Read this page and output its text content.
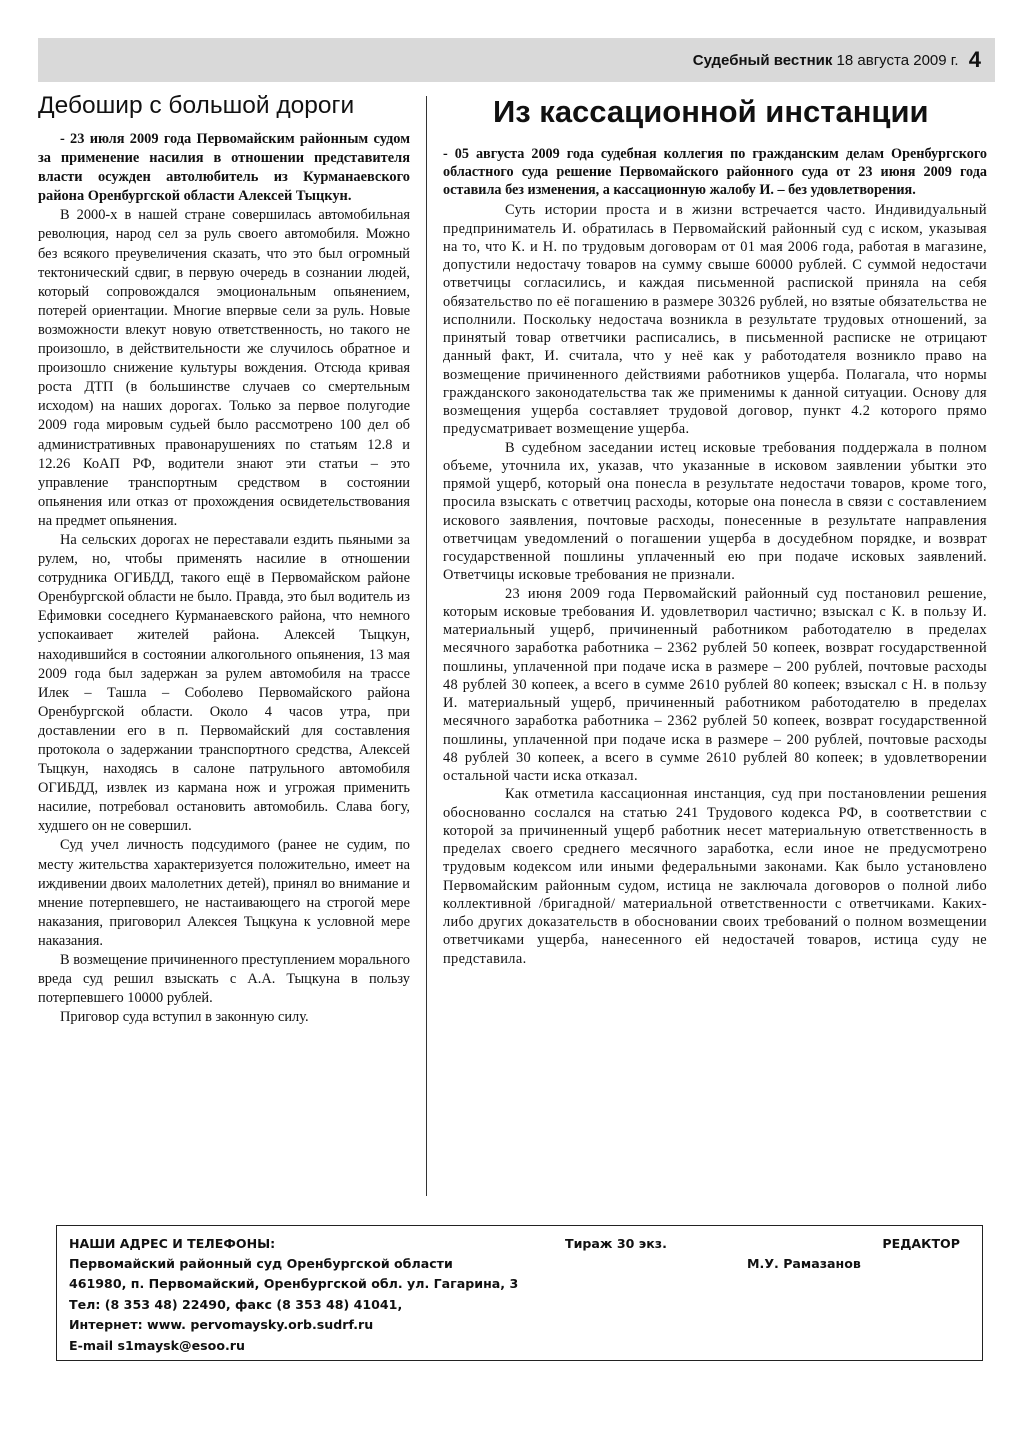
Судебный вестник 18 августа 2009 г. 4
Дебошир с большой дороги

- 23 июля 2009 года Первомайским районным судом за применение насилия в отношении представителя власти осужден автолюбитель из Курманаевского района Оренбургской области Алексей Тыцкун.

В 2000-х в нашей стране совершилась автомобильная революция, народ сел за руль своего автомобиля. Можно без всякого преувеличения сказать, что это был огромный тектонический сдвиг, в первую очередь в сознании людей, который сопровождался эмоциональным опьянением, потерей ориентации. Многие впервые сели за руль. Новые возможности влекут новую ответственность, но такого не произошло, в действительности же случилось обратное и произошло снижение культуры вождения. Отсюда кривая роста ДТП (в большинстве случаев со смертельным исходом) на наших дорогах. Только за первое полугодие 2009 года мировым судьей было рассмотрено 100 дел об административных правонарушениях по статьям 12.8 и 12.26 КоАП РФ, водители знают эти статьи – это управление транспортным средством в состоянии опьянения или отказ от прохождения освидетельствования на предмет опьянения.

На сельских дорогах не переставали ездить пьяными за рулем, но, чтобы применять насилие в отношении сотрудника ОГИБДД, такого ещё в Первомайском районе Оренбургской области не было. Правда, это был водитель из Ефимовки соседнего Курманаевского района, что немного успокаивает жителей района. Алексей Тыцкун, находившийся в состоянии алкогольного опьянения, 13 мая 2009 года был задержан за рулем автомобиля на трассе Илек – Ташла – Соболево Первомайского района Оренбургской области. Около 4 часов утра, при доставлении его в п. Первомайский для составления протокола о задержании транспортного средства, Алексей Тыцкун, находясь в салоне патрульного автомобиля ОГИБДД, извлек из кармана нож и угрожая применить насилие, потребовал остановить автомобиль. Слава богу, худшего он не совершил.

Суд учел личность подсудимого (ранее не судим, по месту жительства характеризуется положительно, имеет на иждивении двоих малолетних детей), принял во внимание и мнение потерпевшего, не настаивающего на строгой мере наказания, приговорил Алексея Тыцкуна к условной мере наказания.

В возмещение причиненного преступлением морального вреда суд решил взыскать с А.А. Тыцкуна в пользу потерпевшего 10000 рублей.

Приговор суда вступил в законную силу.

Из кассационной инстанции

- 05 августа 2009 года судебная коллегия по гражданским делам Оренбургского областного суда решение Первомайского районного суда от 23 июня 2009 года оставила без изменения, а кассационную жалобу И. – без удовлетворения.

Суть истории проста и в жизни встречается часто. Индивидуальный предприниматель И. обратилась в Первомайский районный суд с иском, указывая на то, что К. и Н. по трудовым договорам от 01 мая 2006 года, работая в магазине, допустили недостачу товаров на сумму свыше 60000 рублей. С суммой недостачи ответчицы согласились, и каждая письменной распиской приняла на себя обязательство по её погашению в размере 30326 рублей, но взятые обязательства не исполнили. Поскольку недостача возникла в результате трудовых отношений, за принятый товар ответчики расписались, в письменной расписке не отрицают данный факт, И. считала, что у неё как у работодателя возникло право на возмещение причиненного действиями работников ущерба. Полагала, что нормы гражданского законодательства так же применимы к данной ситуации. Основу для возмещения ущерба составляет трудовой договор, пункт 4.2 которого прямо предусматривает возмещение ущерба.

В судебном заседании истец исковые требования поддержала в полном объеме, уточнила их, указав, что указанные в исковом заявлении убытки это прямой ущерб, который она понесла в результате недостачи товаров, кроме того, просила взыскать с ответчиц расходы, которые она понесла в связи с составлением искового заявления, почтовые расходы, понесенные в результате направления ответчицам уведомлений о погашении ущерба в досудебном порядке, и возврат государственной пошлины уплаченный ею при подаче исковых заявлений. Ответчицы исковые требования не признали.

23 июня 2009 года Первомайский районный суд постановил решение, которым исковые требования И. удовлетворил частично; взыскал с К. в пользу И. материальный ущерб, причиненный работником работодателю в пределах месячного заработка работника – 2362 рублей 50 копеек, возврат государственной пошлины, уплаченной при подаче иска в размере – 200 рублей, почтовые расходы 48 рублей 30 копеек, а всего в сумме 2610 рублей 80 копеек; взыскал с Н. в пользу И. материальный ущерб, причиненный работником работодателю в пределах месячного заработка работника – 2362 рублей 50 копеек, возврат государственной пошлины, уплаченной при подаче иска в размере – 200 рублей, почтовые расходы 48 рублей 30 копеек, а всего в сумме 2610 рублей 80 копеек; в удовлетворении остальной части иска отказал.

Как отметила кассационная инстанция, суд при постановлении решения обоснованно сослался на статью 241 Трудового кодекса РФ, в соответствии с которой за причиненный ущерб работник несет материальную ответственность в пределах своего среднего месячного заработка, если иное не предусмотрено трудовым кодексом или иными федеральными законами. Как было установлено Первомайским районным судом, истица не заключала договоров о полной либо коллективной /бригадной/ материальной ответственности с ответчиками. Каких-либо других доказательств в обосновании своих требований о полном возмещении ответчиками ущерба, нанесенного ей недостачей товаров, истица суду не представила.

НАШИ АДРЕС И ТЕЛЕФОНЫ:
Первомайский районный суд Оренбургской области
461980, п. Первомайский, Оренбургской обл. ул. Гагарина, 3
Тел: (8 353 48) 22490, факс (8 353 48) 41041,
Интернет: www. pervomaysky.orb.sudrf.ru
E-mail s1maysk@esoo.ru
Тираж 30 экз.	РЕДАКТОР
М.У. Рамазанов
